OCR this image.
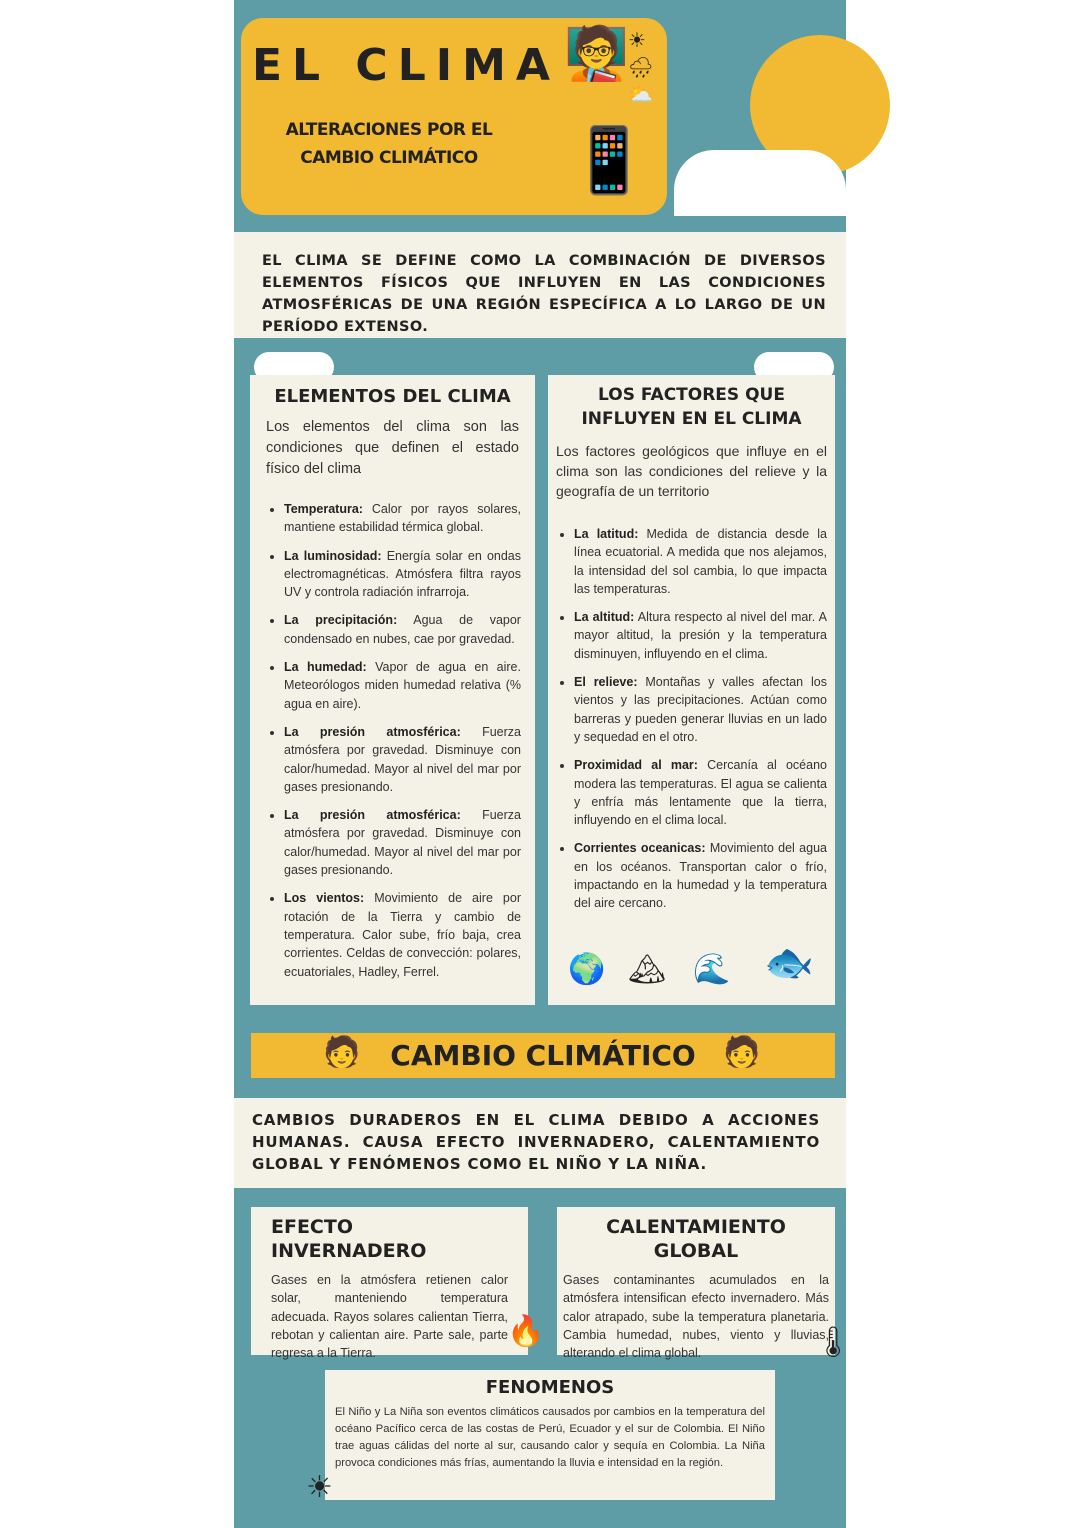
EL CLIMA
ALTERACIONES POR EL
CAMBIO CLIMÁTICO
🧑‍🏫 ☀
🌧
⛅
📱
EL CLIMA SE DEFINE COMO LA COMBINACIÓN DE DIVERSOS ELEMENTOS FÍSICOS QUE INFLUYEN EN LAS CONDICIONES ATMOSFÉRICAS DE UNA REGIÓN ESPECÍFICA A LO LARGO DE UN PERÍODO EXTENSO.
ELEMENTOS DEL CLIMA
Los elementos del clima son las condiciones que definen el estado físico del clima
• Temperatura: Calor por rayos solares, mantiene estabilidad térmica global.
• La luminosidad: Energía solar en ondas electromagnéticas. Atmósfera filtra rayos UV y controla radiación infrarroja.
• La precipitación: Agua de vapor condensado en nubes, cae por gravedad.
• La humedad: Vapor de agua en aire. Meteorólogos miden humedad relativa (% agua en aire).
• La presión atmosférica: Fuerza atmósfera por gravedad. Disminuye con calor/humedad. Mayor al nivel del mar por gases presionando.
• La presión atmosférica: Fuerza atmósfera por gravedad. Disminuye con calor/humedad. Mayor al nivel del mar por gases presionando.
• Los vientos: Movimiento de aire por rotación de la Tierra y cambio de temperatura. Calor sube, frío baja, crea corrientes. Celdas de convección: polares, ecuatoriales, Hadley, Ferrel.
LOS FACTORES QUE INFLUYEN EN EL CLIMA
Los factores geológicos que influye en el clima son las condiciones del relieve y la geografía de un territorio
• La latitud: Medida de distancia desde la línea ecuatorial. A medida que nos alejamos, la intensidad del sol cambia, lo que impacta las temperaturas.
• La altitud: Altura respecto al nivel del mar. A mayor altitud, la presión y la temperatura disminuyen, influyendo en el clima.
• El relieve: Montañas y valles afectan los vientos y las precipitaciones. Actúan como barreras y pueden generar lluvias en un lado y sequedad en el otro.
• Proximidad al mar: Cercanía al océano modera las temperaturas. El agua se calienta y enfría más lentamente que la tierra, influyendo en el clima local.
• Corrientes oceanicas: Movimiento del agua en los océanos. Transportan calor o frío, impactando en la humedad y la temperatura del aire cercano.
🌍 🏔 🌊 🐟
🧑	CAMBIO CLIMÁTICO 🧑
CAMBIOS DURADEROS EN EL CLIMA DEBIDO A ACCIONES HUMANAS. CAUSA EFECTO INVERNADERO, CALENTAMIENTO GLOBAL Y FENÓMENOS COMO EL NIÑO Y LA NIÑA.
EFECTO INVERNADERO

Gases en la atmósfera retienen calor solar, manteniendo temperatura adecuada. Rayos solares calientan Tierra, rebotan y calientan aire. Parte sale, parte regresa a la Tierra.

🔥
CALENTAMIENTO GLOBAL

Gases contaminantes acumulados en la atmósfera intensifican efecto invernadero. Más calor atrapado, sube la temperatura planetaria. Cambia humedad, nubes, viento y lluvias, alterando el clima global.	🌡
FENOMENOS

El Niño y La Niña son eventos climáticos causados por cambios en la temperatura del océano Pacífico cerca de las costas de Perú, Ecuador y el sur de Colombia. El Niño trae aguas cálidas del norte al sur, causando calor y sequía en Colombia. La Niña provoca condiciones más frías, aumentando la lluvia e intensidad en la región.

☀
